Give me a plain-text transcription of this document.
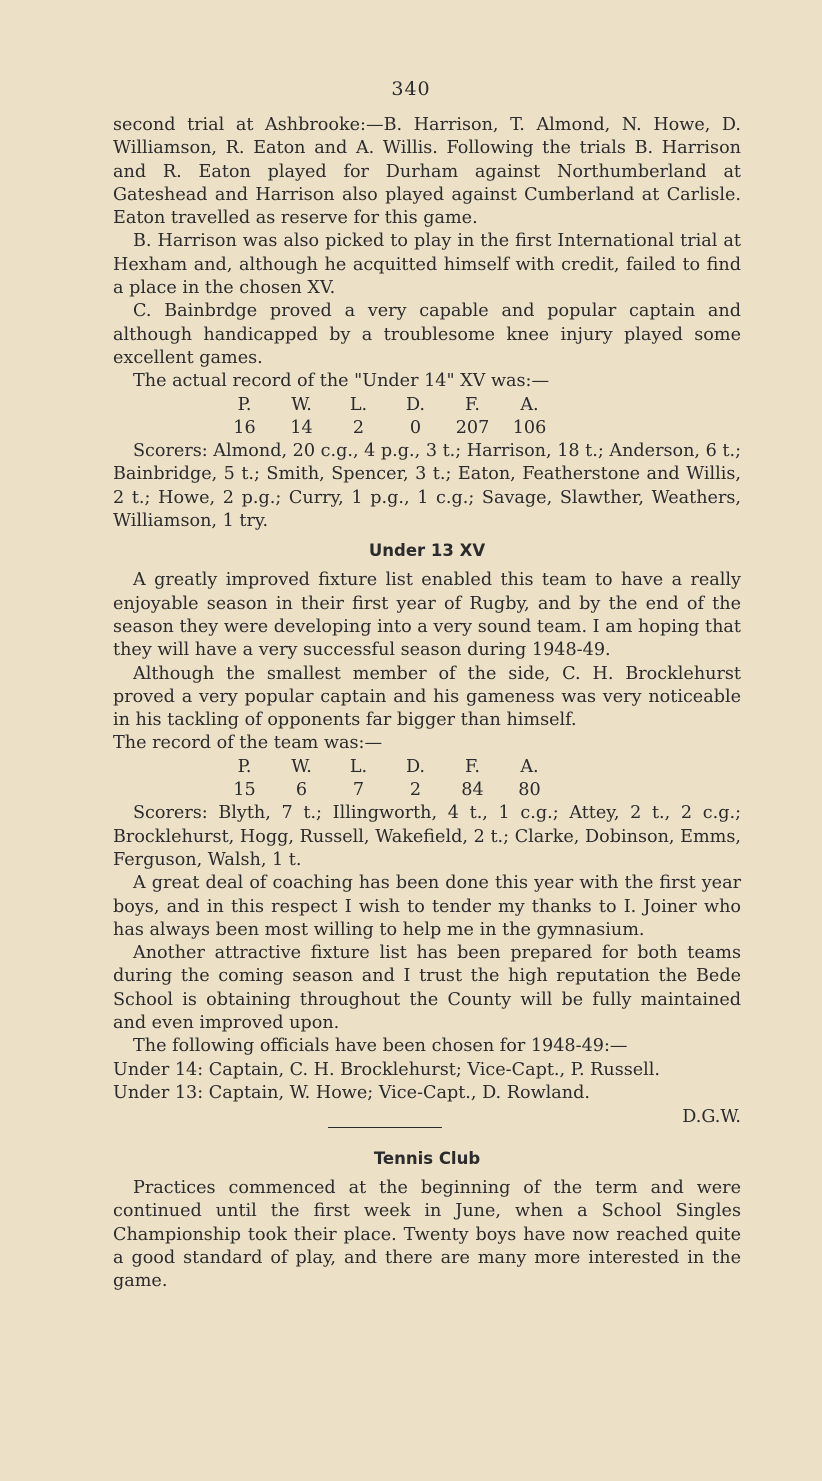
340

second trial at Ashbrooke:—B. Harrison, T. Almond, N. Howe, D. Williamson, R. Eaton and A. Willis. Following the trials B. Harrison and R. Eaton played for Durham against Northumberland at Gateshead and Harrison also played against Cumberland at Carlisle. Eaton travelled as reserve for this game.

B. Harrison was also picked to play in the first International trial at Hexham and, although he acquitted himself with credit, failed to find a place in the chosen XV.

C. Bainbrdge proved a very capable and popular captain and although handicapped by a troublesome knee injury played some excellent games.

The actual record of the "Under 14" XV was:—

P.	W.	L.	D.	F.	A.
16	14	2	0	207	106

Scorers: Almond, 20 c.g., 4 p.g., 3 t.; Harrison, 18 t.; Anderson, 6 t.; Bainbridge, 5 t.; Smith, Spencer, 3 t.; Eaton, Featherstone and Willis, 2 t.; Howe, 2 p.g.; Curry, 1 p.g., 1 c.g.; Savage, Slawther, Weathers, Williamson, 1 try.

Under 13 XV

A greatly improved fixture list enabled this team to have a really enjoyable season in their first year of Rugby, and by the end of the season they were developing into a very sound team. I am hoping that they will have a very successful season during 1948-49.

Although the smallest member of the side, C. H. Brocklehurst proved a very popular captain and his gameness was very noticeable in his tackling of opponents far bigger than himself.

The record of the team was:—

P.	W.	L.	D.	F.	A.
15	6	7	2	84	80

Scorers: Blyth, 7 t.; Illingworth, 4 t., 1 c.g.; Attey, 2 t., 2 c.g.; Brocklehurst, Hogg, Russell, Wakefield, 2 t.; Clarke, Dobinson, Emms, Ferguson, Walsh, 1 t.

A great deal of coaching has been done this year with the first year boys, and in this respect I wish to tender my thanks to I. Joiner who has always been most willing to help me in the gymnasium.

Another attractive fixture list has been prepared for both teams during the coming season and I trust the high reputation the Bede School is obtaining throughout the County will be fully maintained and even improved upon.

The following officials have been chosen for 1948-49:—

Under 14: Captain, C. H. Brocklehurst; Vice-Capt., P. Russell.

Under 13: Captain, W. Howe; Vice-Capt., D. Rowland.

D.G.W.
Tennis Club

Practices commenced at the beginning of the term and were continued until the first week in June, when a School Singles Championship took their place. Twenty boys have now reached quite a good standard of play, and there are many more interested in the game.
